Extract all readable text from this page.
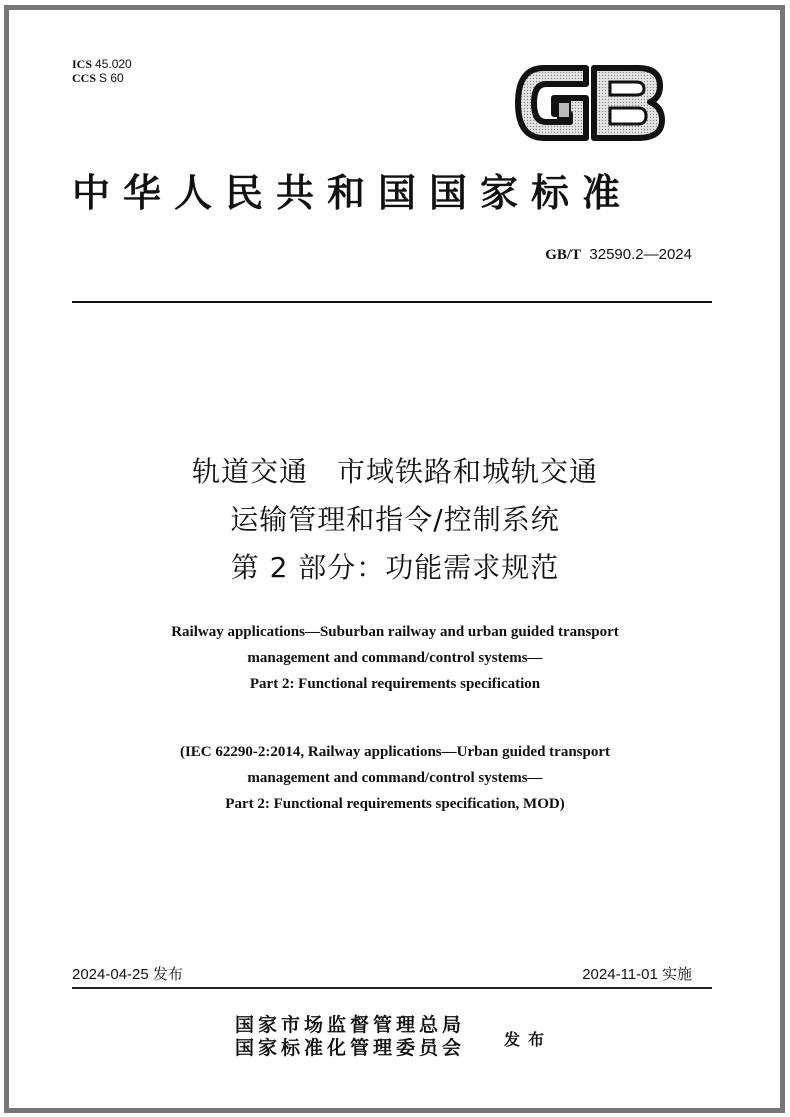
ICS 45.020
CCS S 60
中华人民共和国国家标准
GB/T 32590.2—2024
轨道交通　市域铁路和城轨交通
运输管理和指令/控制系统
第 2 部分：功能需求规范
Railway applications—Suburban railway and urban guided transport
management and command/control systems—
Part 2: Functional requirements specification
(IEC 62290-2:2014, Railway applications—Urban guided transport
management and command/control systems—
Part 2: Functional requirements specification, MOD)
2024-04-25 发布	2024-11-01 实施
国家市场监督管理总局
国家标准化管理委员会 发布
